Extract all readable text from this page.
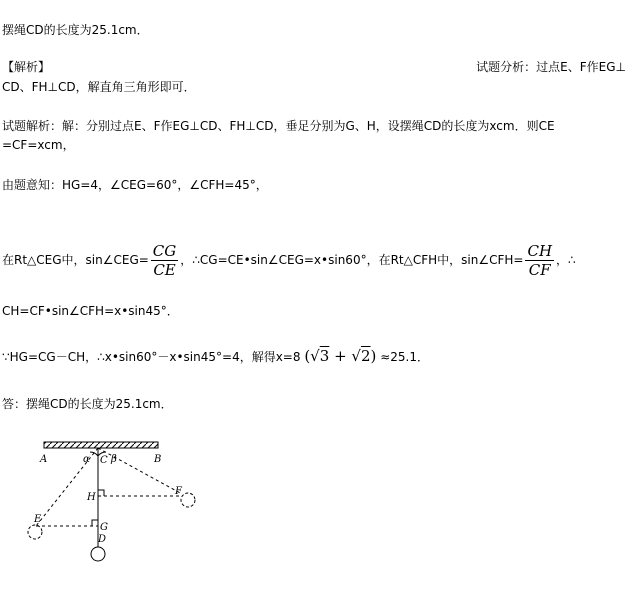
摆绳CD的长度为25.1cm．
【解析】	试题分析：过点E、F作EG⊥
CD、FH⊥CD，解直角三角形即可．
试题解析：解：分别过点E、F作EG⊥CD、FH⊥CD，垂足分别为G、H，设摆绳CD的长度为xcm．则CE
=CF=xcm，
由题意知：HG=4，∠CEG=60°，∠CFH=45°，
在Rt△CEG中，sin∠CEG= $\frac{CG}{CE}$ ，∴CG=CE•sin∠CEG=x•sin60°，在Rt△CFH中，sin∠CFH= $\frac{CH}{CF}$ ，∴
CH=CF•sin∠CFH=x•sin45°．
∵HG=CG－CH，∴x•sin60°－x•sin45°=4，解得x=8 (√3 + √2) ≈25.1．
答：摆绳CD的长度为25.1cm．
A	B
C
α β
H
G
D
E
F
